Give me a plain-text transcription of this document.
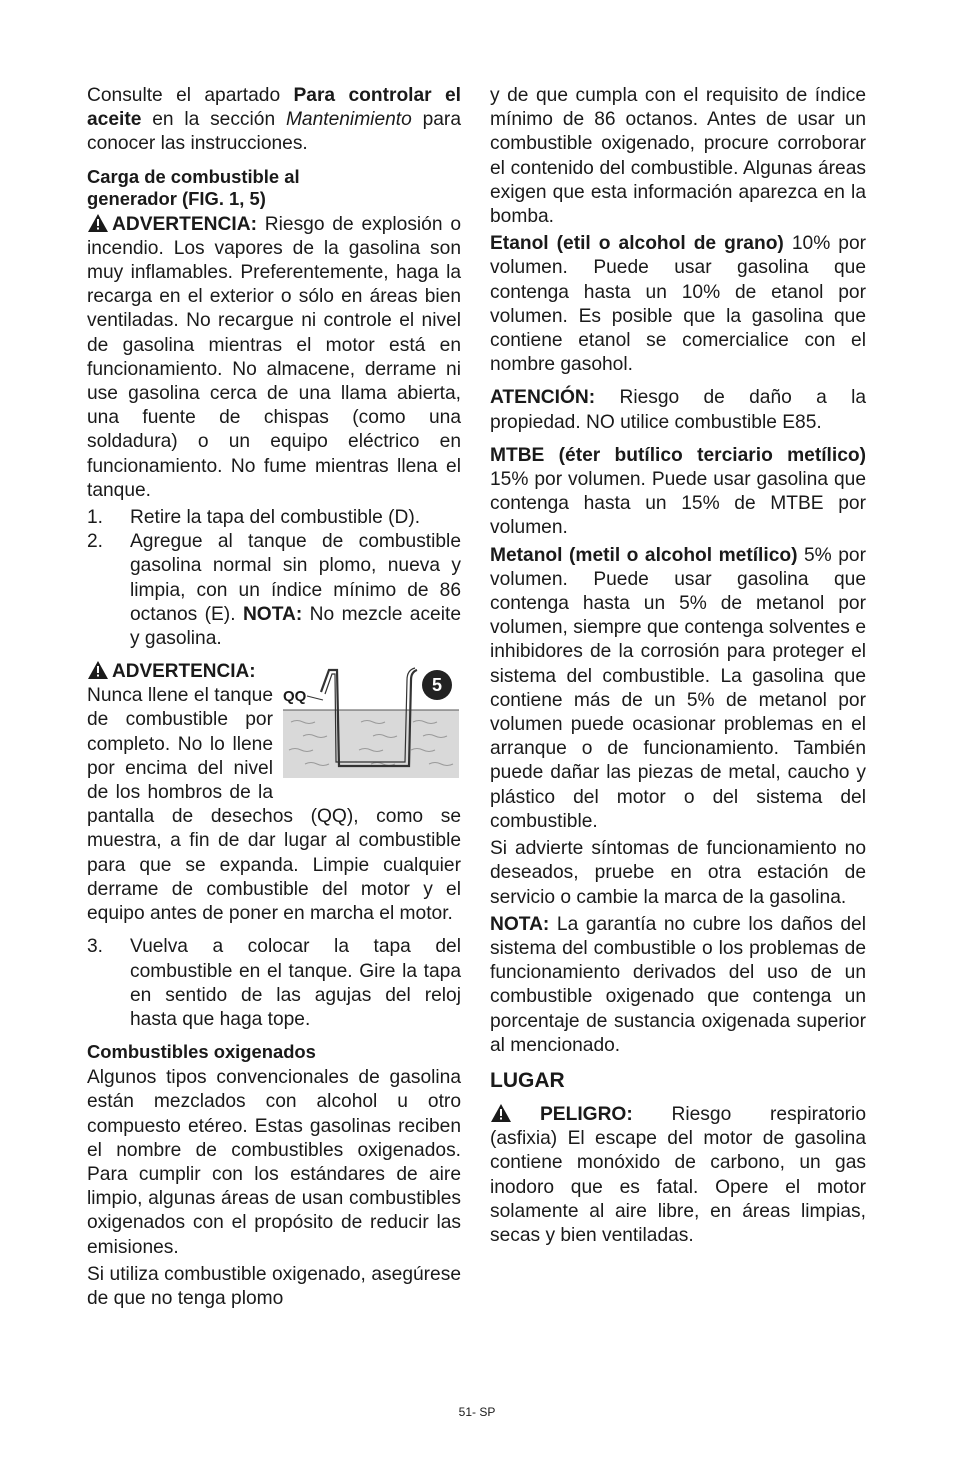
Consulte el apartado Para controlar el aceite en la sección Mantenimiento para conocer las instrucciones.

Carga de combustible al generador (FIG. 1, 5)

ADVERTENCIA: Riesgo de explosión o incendio. Los vapores de la gasolina son muy inflamables. Preferentemente, haga la recarga en el exterior o sólo en áreas bien ventiladas. No recargue ni controle el nivel de gasolina mientras el motor está en funcionamiento. No almacene, derrame ni use gasolina cerca de una llama abierta, una fuente de chispas (como una soldadura) o un equipo eléctrico en funcionamiento. No fume mientras llena el tanque.

1. Retire la tapa del combustible (D).
2. Agregue al tanque de combustible gasolina normal sin plomo, nueva y limpia, con un índice mínimo de 86 octanos (E). NOTA: No mezcle aceite y gasolina.
QQ
5
ADVERTENCIA:

Nunca llene el tanque de combustible por completo. No lo llene por encima del nivel de los hombros de la pantalla de desechos (QQ), como se muestra, a fin de dar lugar al combustible para que se expanda. Limpie cualquier derrame de combustible del motor y el equipo antes de poner en marcha el motor.

3. Vuelva a colocar la tapa del combustible en el tanque. Gire la tapa en sentido de las agujas del reloj hasta que haga tope.
Combustibles oxigenados

Algunos tipos convencionales de gasolina están mezclados con alcohol u otro compuesto etéreo. Estas gasolinas reciben el nombre de combustibles oxigenados. Para cumplir con los estándares de aire limpio, algunas áreas de usan combustibles oxigenados con el propósito de reducir las emisiones.

Si utiliza combustible oxigenado, asegúrese de que no tenga plomo

y de que cumpla con el requisito de índice mínimo de 86 octanos. Antes de usar un combustible oxigenado, procure corroborar el contenido del combustible. Algunas áreas exigen que esta información aparezca en la bomba.

Etanol (etil o alcohol de grano) 10% por volumen. Puede usar gasolina que contenga hasta un 10% de etanol por volumen. Es posible que la gasolina que contiene etanol se comercialice con el nombre gasohol.

ATENCIÓN: Riesgo de daño a la propiedad. NO utilice combustible E85.

MTBE (éter butílico terciario metílico) 15% por volumen. Puede usar gasolina que contenga hasta un 15% de MTBE por volumen.

Metanol (metil o alcohol metílico) 5% por volumen. Puede usar gasolina que contenga hasta un 5% de metanol por volumen, siempre que contenga solventes e inhibidores de la corrosión para proteger el sistema del combustible. La gasolina que contiene más de un 5% de metanol por volumen puede ocasionar problemas en el arranque o de funcionamiento. También puede dañar las piezas de metal, caucho y plástico del motor o del sistema del combustible.

Si advierte síntomas de funcionamiento no deseados, pruebe en otra estación de servicio o cambie la marca de la gasolina.

NOTA: La garantía no cubre los daños del sistema del combustible o los problemas de funcionamiento derivados del uso de un combustible oxigenado que contenga un porcentaje de sustancia oxigenada superior al mencionado.

LUGAR

PELIGRO: Riesgo respiratorio (asfixia) El escape del motor de gasolina contiene monóxido de carbono, un gas inodoro que es fatal. Opere el motor solamente al aire libre, en áreas limpias, secas y bien ventiladas.

51- SP
